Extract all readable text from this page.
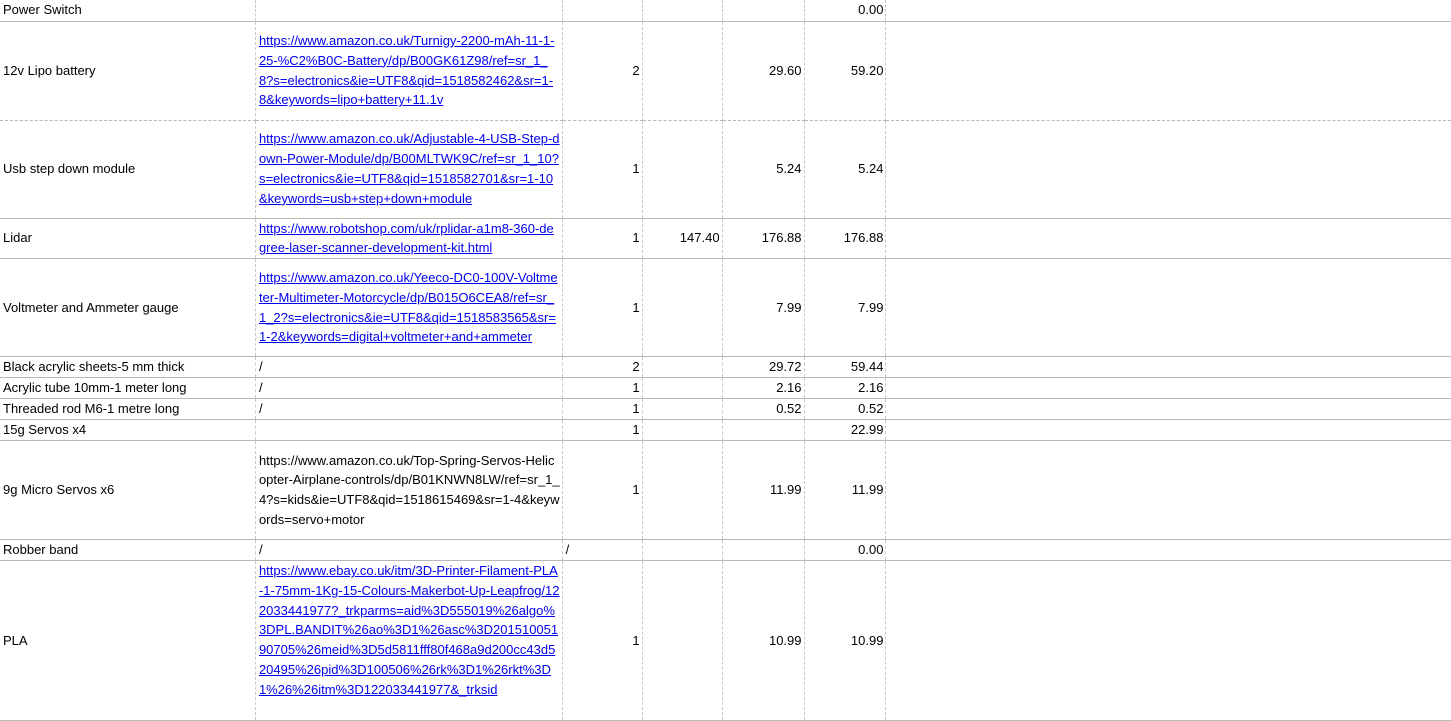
Power Switch					0.00	
12v Lipo battery	https://www.amazon.co.uk/Turnigy-2200-mAh-11-1-25-%C2%B0C-Battery/dp/B00GK61Z98/ref=sr_1_8?s=electronics&ie=UTF8&qid=1518582462&sr=1-8&keywords=lipo+battery+11.1v	2		29.60	59.20	
Usb step down module	https://www.amazon.co.uk/Adjustable-4-USB-Step-down-Power-Module/dp/B00MLTWK9C/ref=sr_1_10?s=electronics&ie=UTF8&qid=1518582701&sr=1-10&keywords=usb+step+down+module	1		5.24	5.24	
Lidar	https://www.robotshop.com/uk/rplidar-a1m8-360-degree-laser-scanner-development-kit.html	1	147.40	176.88	176.88	
Voltmeter and Ammeter gauge	https://www.amazon.co.uk/Yeeco-DC0-100V-Voltmeter-Multimeter-Motorcycle/dp/B015O6CEA8/ref=sr_1_2?s=electronics&ie=UTF8&qid=1518583565&sr=1-2&keywords=digital+voltmeter+and+ammeter	1		7.99	7.99	
Black acrylic sheets-5 mm thick	/	2		29.72	59.44	
Acrylic tube 10mm-1 meter long	/	1		2.16	2.16	
Threaded rod M6-1 metre long	/	1		0.52	0.52	
15g Servos x4		1			22.99	
9g Micro Servos x6	https://www.amazon.co.uk/Top-Spring-Servos-Helicopter-Airplane-controls/dp/B01KNWN8LW/ref=sr_1_4?s=kids&ie=UTF8&qid=1518615469&sr=1-4&keywords=servo+motor	1		11.99	11.99	
Robber band	/	/			0.00	
PLA	https://www.ebay.co.uk/itm/3D-Printer-Filament-PLA-1-75mm-1Kg-15-Colours-Makerbot-Up-Leapfrog/122033441977?_trkparms=aid%3D555019%26algo%3DPL.BANDIT%26ao%3D1%26asc%3D20151005190705%26meid%3D5d5811fff80f468a9d200cc43d520495%26pid%3D100506%26rk%3D1%26rkt%3D1%26%26itm%3D122033441977&_trksid	1		10.99	10.99	
